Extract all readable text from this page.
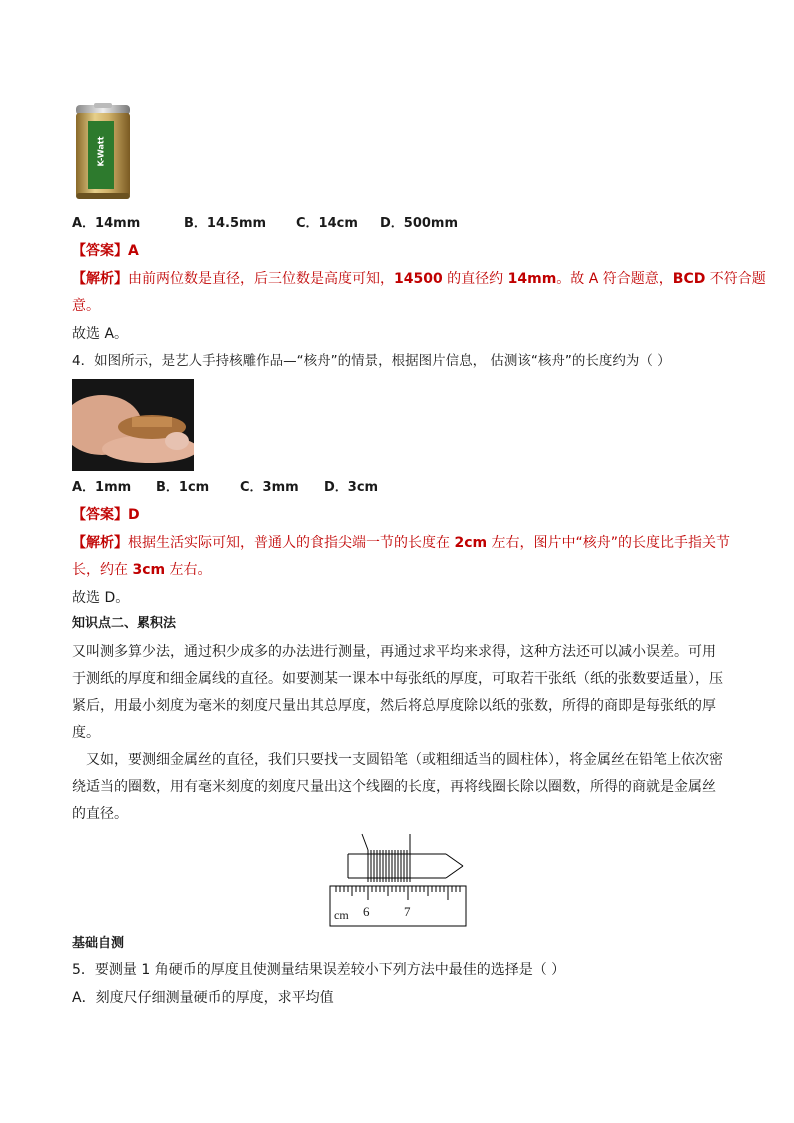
K-Watt
A．14mm	B．14.5mm C．14cm D．500mm
【答案】A
【解析】由前两位数是直径，后三位数是高度可知，14500 的直径约 14mm。故 A 符合题意，BCD 不符合题
意。
故选 A。
4．如图所示，是艺人手持核雕作品—“核舟”的情景，根据图片信息， 估测该“核舟”的长度约为（ ）
A．1mm B．1cm C．3mm D．3cm
【答案】D
【解析】根据生活实际可知，普通人的食指尖端一节的长度在 2cm 左右，图片中“核舟”的长度比手指关节
长，约在 3cm 左右。
故选 D。
知识点二、累积法
又叫测多算少法，通过积少成多的办法进行测量，再通过求平均来求得，这种方法还可以减小误差。可用于测纸的厚度和细金属线的直径。如要测某一课本中每张纸的厚度，可取若干张纸（纸的张数要适量），压紧后，用最小刻度为毫米的刻度尺量出其总厚度，然后将总厚度除以纸的张数，所得的商即是每张纸的厚度。
又如，要测细金属丝的直径，我们只要找一支圆铅笔（或粗细适当的圆柱体），将金属丝在铅笔上依次密绕适当的圈数，用有毫米刻度的刻度尺量出这个线圈的长度，再将线圈长除以圈数，所得的商就是金属丝的直径。
cm 6	7
基础自测
5．要测量 1 角硬币的厚度且使测量结果误差较小下列方法中最佳的选择是（ ）
A．刻度尺仔细测量硬币的厚度，求平均值
